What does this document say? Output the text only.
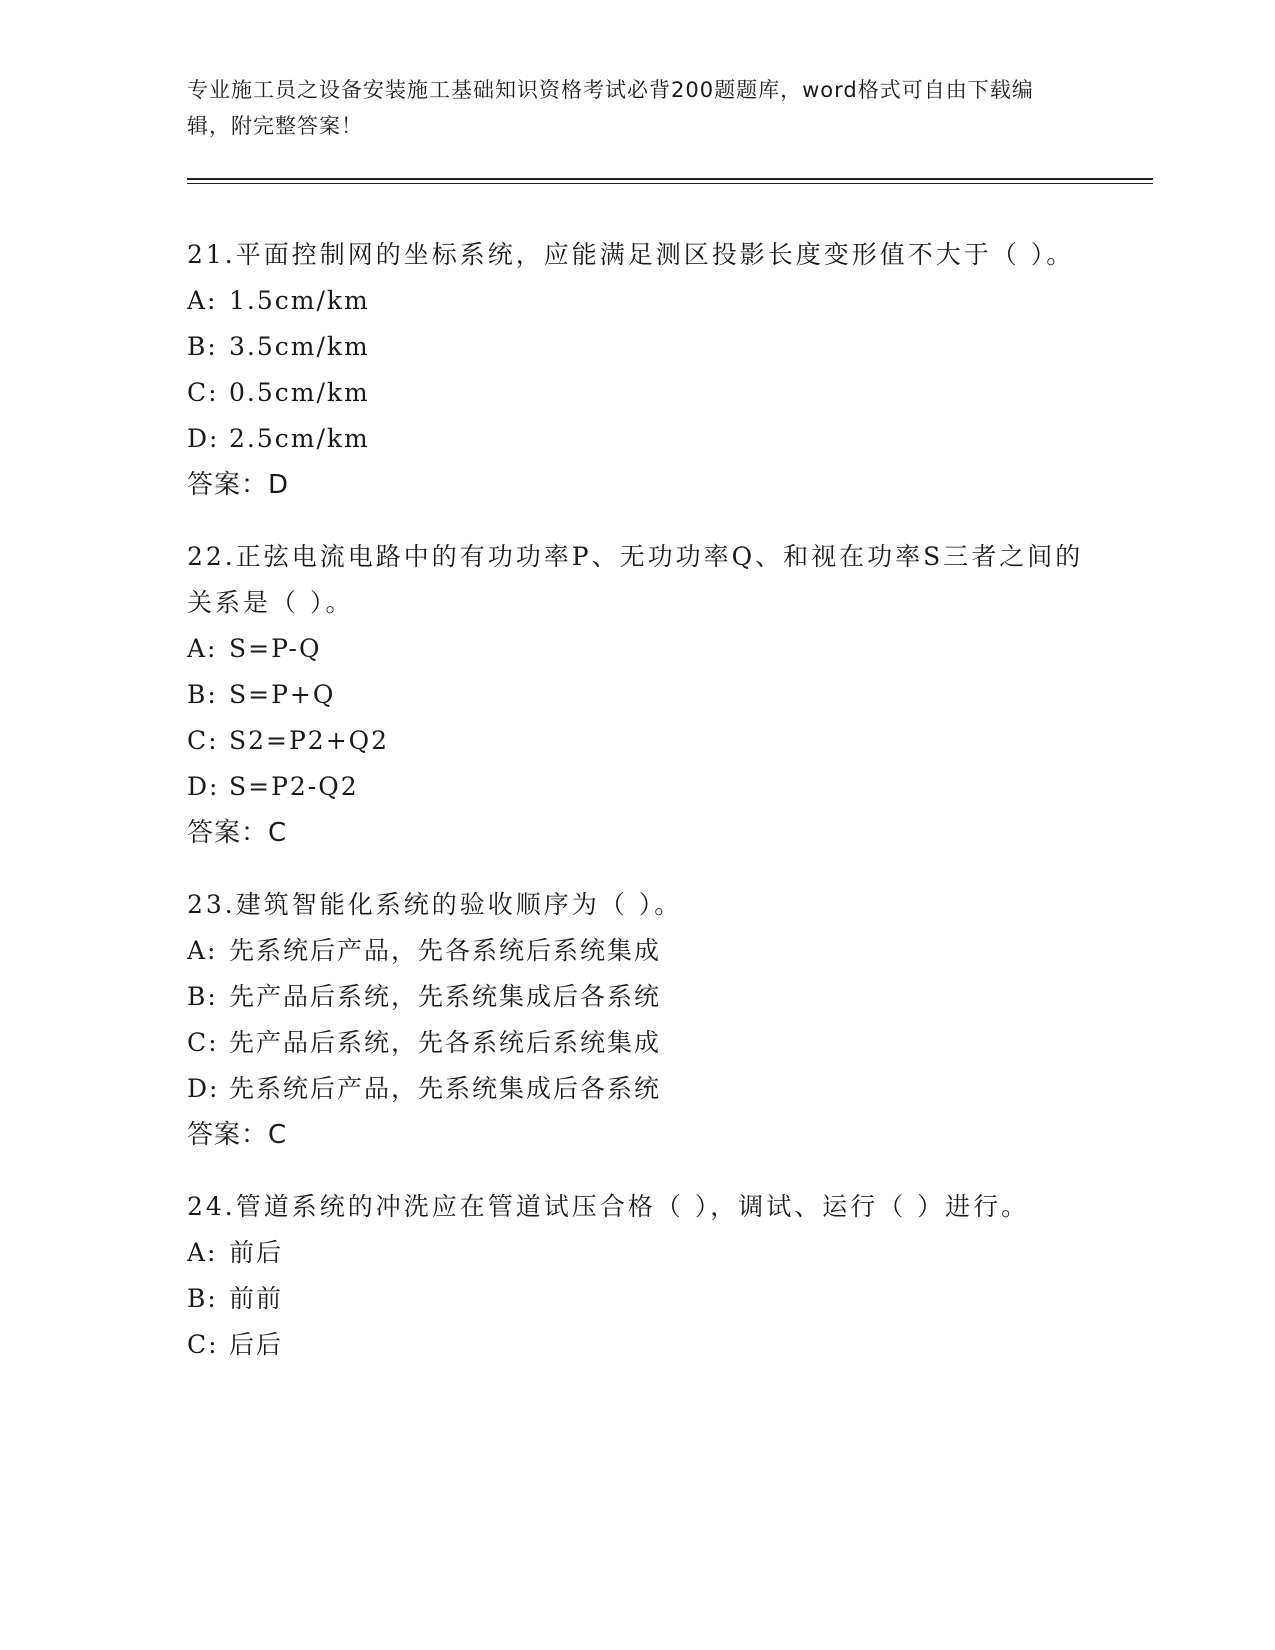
专业施工员之设备安装施工基础知识资格考试必背200题题库，word格式可自由下载编辑，附完整答案！

21.平面控制网的坐标系统，应能满足测区投影长度变形值不大于（ ）。

A: 1.5cm/km

B: 3.5cm/km

C: 0.5cm/km

D: 2.5cm/km

答案：D

22.正弦电流电路中的有功功率P、无功功率Q、和视在功率S三者之间的关系是（ ）。

A: S=P-Q

B: S=P+Q

C: S2=P2+Q2

D: S=P2-Q2

答案：C

23.建筑智能化系统的验收顺序为（ ）。

A: 先系统后产品，先各系统后系统集成

B: 先产品后系统，先系统集成后各系统

C: 先产品后系统，先各系统后系统集成

D: 先系统后产品，先系统集成后各系统

答案：C

24.管道系统的冲洗应在管道试压合格（ ），调试、运行（ ）进行。

A: 前后

B: 前前

C: 后后
